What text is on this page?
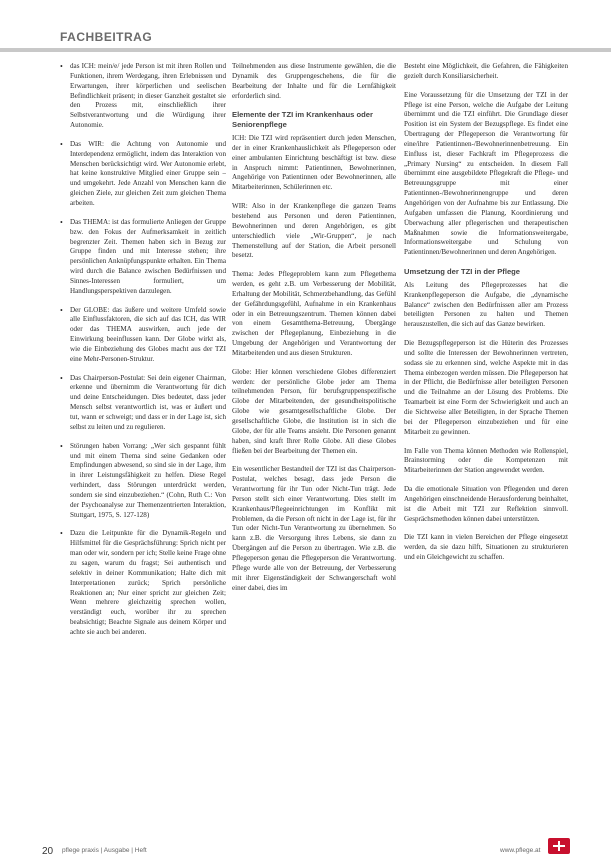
FACHBEITRAG
• das ICH: mein/e/ jede Person ist mit ihren Rollen und Funktionen, ihrem Werdegang, ihren Erlebnissen und Erwartungen, ihrer körperlichen und seelischen Befindlichkeit präsent; in dieser Ganzheit gestaltet sie den Prozess mit, einschließlich ihrer Selbstverantwortung und die Würdigung ihrer Autonomie.
• Das WIR: die Achtung von Autonomie und Interdependenz ermöglicht, indem das Interaktion von Menschen berücksichtigt wird. Wer Autonomie erlebt, hat keine konstruktive Mitglied einer Gruppe sein – und umgekehrt. Jede Anzahl von Menschen kann die gleichen Ziele, zur gleichen Zeit zum gleichen Thema arbeiten.
• Das THEMA: ist das formulierte Anliegen der Gruppe bzw. den Fokus der Aufmerksamkeit in zeitlich begrenzter Zeit. Themen haben sich in Bezug zur Gruppe finden und mit Interesse stehen; ihre persönlichen Anknüpfungspunkte erhalten. Ein Thema wird durch die Balance zwischen Bedürfnissen und Sinnes-Interessen formuliert, um Handlungsperspektiven darzulegen.
• Der GLOBE: das äußere und weitere Umfeld sowie alle Einflussfaktoren, die sich auf das ICH, das WIR oder das THEMA auswirken, auch jede der Einwirkung beeinflussen kann. Der Globe wirkt als, wie die Einbeziehung des Globes macht aus der TZI eine Mehr-Personen-Struktur.
• Das Chairperson-Postulat: Sei dein eigener Chairman, erkenne und übernimm die Verantwortung für dich und deine Entscheidungen. Dies bedeutet, dass jeder Mensch selbst verantwortlich ist, was er äußert und tut, wann er schweigt; und dass er in der Lage ist, sich selbst zu leiten und zu regulieren.
• Störungen haben Vorrang: „Wer sich gespannt fühlt und mit einem Thema sind seine Gedanken oder Empfindungen abwesend, so sind sie in der Lage, ihm in ihrer Leistungsfähigkeit zu helfen. Diese Regel verhindert, dass Störungen unterdrückt werden, sondern sie sind einzubeziehen.“ (Cohn, Ruth C.: Von der Psychoanalyse zur Themenzentrierten Interaktion, Stuttgart, 1975, S. 127-128)
• Dazu die Leitpunkte für die Dynamik-Regeln und Hilfsmittel für die Gesprächsführung: Sprich nicht per man oder wir, sondern per ich; Stelle keine Frage ohne zu sagen, warum du fragst; Sei authentisch und selektiv in deiner Kommunikation; Halte dich mit Interpretationen zurück; Sprich persönliche Reaktionen an; Nur einer spricht zur gleichen Zeit; Wenn mehrere gleichzeitig sprechen wollen, verständigt euch, worüber ihr zu sprechen beabsichtigt; Beachte Signale aus deinem Körper und achte sie auch bei anderen.

Teilnehmenden aus diese Instrumente gewählen, die die Dynamik des Gruppengeschehens, die für die Bearbeitung der Inhalte und für die Lernfähigkeit erforderlich sind.

Elemente der TZI im Krankenhaus oder Seniorenpflege

ICH: Die TZI wird repräsentiert durch jeden Menschen, der in einer Krankenhauslichkeit als Pflegeperson oder einer ambulanten Einrichtung beschäftigt ist bzw. diese in Anspruch nimmt: Patientinnen, Bewohnerinnen, Angehörige von Patientinnen oder Bewohnerinnen, alle Mitarbeiterinnen, Schülerinnen etc.

WIR: Also in der Krankenpflege die ganzen Teams bestehend aus Personen und deren Patientinnen, Bewohnerinnen und deren Angehörigen, es gibt unterschiedlich viele „Wir-Gruppen“, je nach Themenstellung auf der Station, die Arbeit personell besetzt.

Thema: Jedes Pflegeproblem kann zum Pflegethema werden, es geht z.B. um Verbesserung der Mobilität, Erhaltung der Mobilität, Schmerzbehandlung, das Gefühl der Gefährdungsgefühl, Aufnahme in ein Krankenhaus oder in ein Betreuungszentrum. Themen können dabei von einem Gesamtthema-Betreuung, Übergänge zwischen der Pflegeplanung, Einbeziehung in die Umgebung der Angehörigen und Verantwortung der Mitarbeitenden und aus diesen Strukturen.

Globe: Hier können verschiedene Globes differenziert werden: der persönliche Globe jeder am Thema teilnehmenden Person, für berufsgruppenspezifische Globe der Mitarbeitenden, der gesundheitspolitische Globe wie gesamtgesellschaftliche Globe. Der gesellschaftliche Globe, die Institution ist in sich die Globe, der für alle Teams ansieht. Die Personen genannt haben, sind kraft Ihrer Rolle Globe. All diese Globes fließen bei der Bearbeitung der Themen ein.

Ein wesentlicher Bestandteil der TZI ist das Chairperson-Postulat, welches besagt, dass jede Person die Verantwortung für ihr Tun oder Nicht-Tun trägt. Jede Person stellt sich einer Verantwortung. Dies stellt im Krankenhaus/Pflegeeinrichtungen im Konflikt mit Problemen, da die Person oft nicht in der Lage ist, für ihr Tun oder Nicht-Tun Verantwortung zu übernehmen. So kann z.B. die Versorgung ihres Lebens, sie dann zu Übergängen auf die Person zu übertragen. Wie z.B. die Pflegeperson genau die Pflegeperson die Verantwortung. Pflege wurde alle von der Betreuung, der Verbesserung mit ihrer Eigenständigkeit der Schwangerschaft wohl einer dabei, dies im

Besteht eine Möglichkeit, die Gefahren, die Fähigkeiten gezielt durch Konsiliarsicherheit.

Eine Voraussetzung für die Umsetzung der TZI in der Pflege ist eine Person, welche die Aufgabe der Leitung übernimmt und die TZI einführt. Die Grundlage dieser Position ist ein System der Bezugspflege. Es findet eine Übertragung der Pflegeperson die Verantwortung für eine/ihre Patientinnen-/Bewohnerinnenbetreuung. Ein Einfluss ist, dieser Fachkraft im Pflegeprozess die „Primary Nursing“ zu entscheiden. In diesem Fall übernimmt eine ausgebildete Pflegekraft die Pflege- und Betreuungsgruppe mit einer Patientinnen-/Bewohnerinnengruppe und deren Angehörigen von der Aufnahme bis zur Entlassung. Die Aufgaben umfassen die Planung, Koordinierung und Überwachung aller pflegerischen und therapeutischen Maßnahmen sowie die Informationsweitergabe, Informationsweitergabe und Schulung von Patientinnen/Bewohnerinnen und deren Angehörigen.

Umsetzung der TZI in der Pflege

Als Leitung des Pflegeprozesses hat die Krankenpflegeperson die Aufgabe, die „dynamische Balance“ zwischen den Bedürfnissen aller am Prozess beteiligten Personen zu halten und Themen herauszustellen, die sich auf das Ganze bewirken.

Die Bezugspflegeperson ist die Hüterin des Prozesses und sollte die Interessen der Bewohnerinnen vertreten, sodass sie zu erkennen sind, welche Aspekte mit in das Thema einbezogen werden müssen. Die Pflegeperson hat in der Pflicht, die Bedürfnisse aller beteiligten Personen und die Teilnahme an der Lösung des Problems. Die Teamarbeit ist eine Form der Schwierigkeit und auch an die Sichtweise aller Beteiligten, in der Sprache Themen bei der Pflegeperson einzubeziehen und für eine Mitarbeit zu gewinnen.

Im Falle von Thema können Methoden wie Rollenspiel, Brainstorming oder die Kompetenzen mit Mitarbeiterinnen der Station angewendet werden.

Da die emotionale Situation von Pflegenden und deren Angehörigen einschneidende Herausforderung beinhaltet, ist die Arbeit mit TZI zur Reflektion sinnvoll. Gesprächsmethoden können dabei unterstützen.

Die TZI kann in vielen Bereichen der Pflege eingesetzt werden, da sie dazu hilft, Situationen zu strukturieren und ein Gleichgewicht zu schaffen.

20 pflege praxis | Ausgabe | Heft	www.pflege.at
